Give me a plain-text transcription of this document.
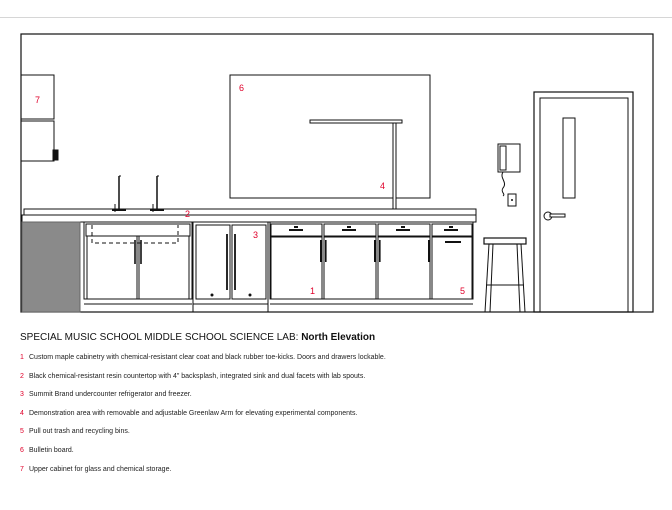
7
6
4
2
3
1	5
SPECIAL MUSIC SCHOOL MIDDLE SCHOOL SCIENCE LAB: North Elevation
1 Custom maple cabinetry with chemical-resistant clear coat and black rubber toe-kicks. Doors and drawers lockable.
2 Black chemical-resistant resin countertop with 4" backsplash, integrated sink and dual facets with lab spouts.
3 Summit Brand undercounter refrigerator and freezer.
4 Demonstration area with removable and adjustable Greenlaw Arm for elevating experimental components.
5 Pull out trash and recycling bins.
6 Bulletin board.
7 Upper cabinet for glass and chemical storage.
